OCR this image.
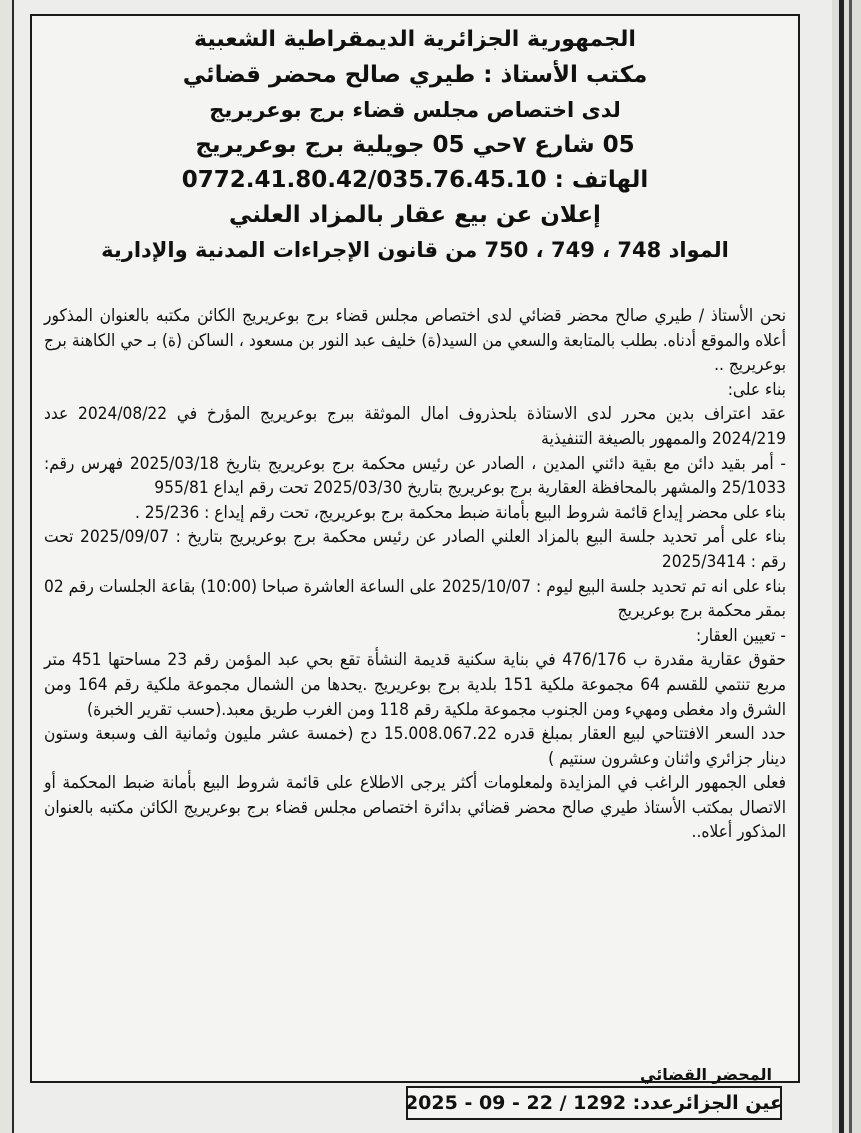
الجمهورية الجزائرية الديمقراطية الشعبية
مكتب الأستاذ : طيري صالح محضر قضائي
لدى اختصاص مجلس قضاء برج بوعريريج
05 شارع ٧حي 05 جويلية برج بوعريريج
الهاتف : 0772.41.80.42/035.76.45.10
إعلان عن بيع عقار بالمزاد العلني
المواد 748 ، 749 ، 750 من قانون الإجراءات المدنية والإدارية

نحن الأستاذ / طيري صالح محضر قضائي لدى اختصاص مجلس قضاء برج بوعريريج الكائن مكتبه بالعنوان المذكور أعلاه والموقع أدناه. بطلب بالمتابعة والسعي من السيد(ة) خليف عبد النور بن مسعود ، الساكن (ة) بـ حي الكاهنة برج بوعريريج ..

بناء على:

عقد اعتراف بدين محرر لدى الاستاذة بلحذروف امال الموثقة ببرج بوعريريج المؤرخ في 2024/08/22 عدد 2024/219 والممهور بالصيغة التنفيذية

- أمر بقيد دائن مع بقية دائني المدين ، الصادر عن رئيس محكمة برج بوعريريج بتاريخ 2025/03/18 فهرس رقم: 25/1033 والمشهر بالمحافظة العقارية برج بوعريريج بتاريخ 2025/03/30 تحت رقم ايداع 955/81

بناء على محضر إيداع قائمة شروط البيع بأمانة ضبط محكمة برج بوعريريج، تحت رقم إيداع : 25/236 .

بناء على أمر تحديد جلسة البيع بالمزاد العلني الصادر عن رئيس محكمة برج بوعريريج بتاريخ : 2025/09/07 تحت رقم : 2025/3414

بناء على انه تم تحديد جلسة البيع ليوم : 2025/10/07 على الساعة العاشرة صباحا (10:00) بقاعة الجلسات رقم 02 بمقر محكمة برج بوعريريج

- تعيين العقار:

حقوق عقارية مقدرة ب 476/176 في بناية سكنية قديمة النشأة تقع بحي عبد المؤمن رقم 23 مساحتها 451 متر مربع تنتمي للقسم 64 مجموعة ملكية 151 بلدية برج بوعريريج .يحدها من الشمال مجموعة ملكية رقم 164 ومن الشرق واد مغطى ومهيء ومن الجنوب مجموعة ملكية رقم 118 ومن الغرب طريق معبد.(حسب تقرير الخبرة)

حدد السعر الافتتاحي لبيع العقار بمبلغ قدره 15.008.067.22 دج (خمسة عشر مليون وثمانية الف وسبعة وستون دينار جزائري واثنان وعشرون سنتيم )

فعلى الجمهور الراغب في المزايدة ولمعلومات أكثر يرجى الاطلاع على قائمة شروط البيع بأمانة ضبط المحكمة أو الاتصال بمكتب الأستاذ طيري صالح محضر قضائي بدائرة اختصاص مجلس قضاء برج بوعريريج الكائن مكتبه بالعنوان المذكور أعلاه..

المحضر القضائي
عين الجزائرعدد: 1292 / 22 - 09 - 2025
